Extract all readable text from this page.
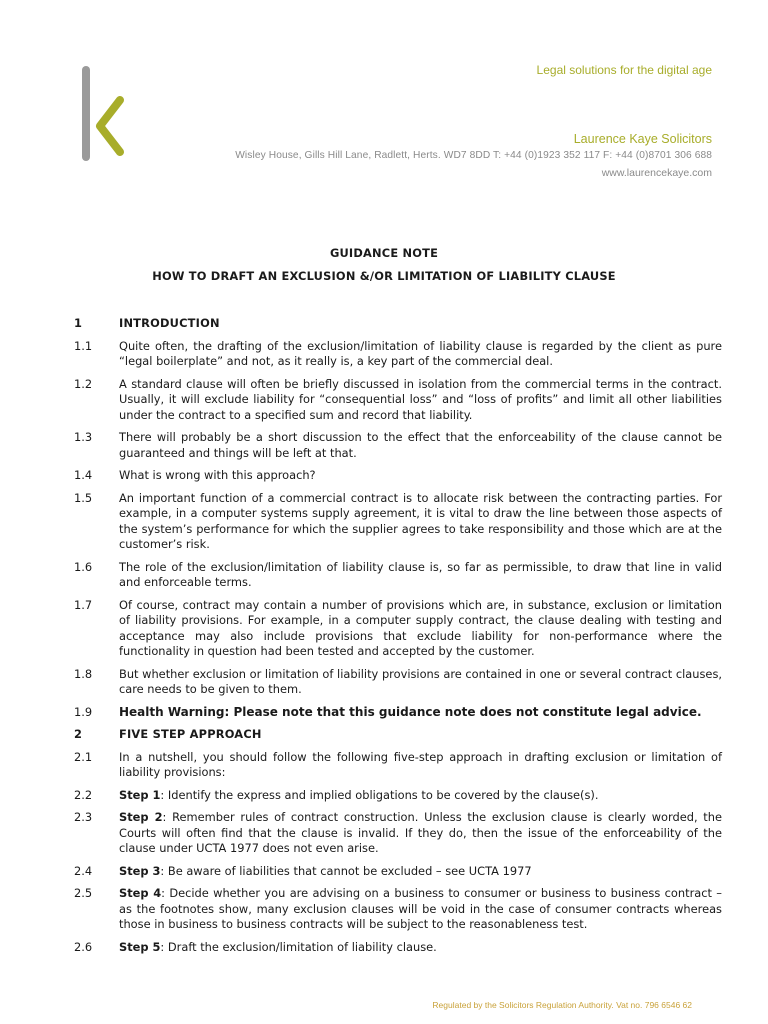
Legal solutions for the digital age
Laurence Kaye Solicitors
Wisley House, Gills Hill Lane, Radlett, Herts. WD7 8DD T: +44 (0)1923 352 117 F: +44 (0)8701 306 688
www.laurencekaye.com
GUIDANCE NOTE
HOW TO DRAFT AN EXCLUSION &/OR LIMITATION OF LIABILITY CLAUSE
1	INTRODUCTION
1.1	Quite often, the drafting of the exclusion/limitation of liability clause is regarded by the client as pure “legal boilerplate” and not, as it really is, a key part of the commercial deal.
1.2	A standard clause will often be briefly discussed in isolation from the commercial terms in the contract. Usually, it will exclude liability for “consequential loss” and “loss of profits” and limit all other liabilities under the contract to a specified sum and record that liability.
1.3	There will probably be a short discussion to the effect that the enforceability of the clause cannot be guaranteed and things will be left at that.
1.4	What is wrong with this approach?
1.5	An important function of a commercial contract is to allocate risk between the contracting parties. For example, in a computer systems supply agreement, it is vital to draw the line between those aspects of the system’s performance for which the supplier agrees to take responsibility and those which are at the customer’s risk.
1.6	The role of the exclusion/limitation of liability clause is, so far as permissible, to draw that line in valid and enforceable terms.
1.7	Of course, contract may contain a number of provisions which are, in substance, exclusion or limitation of liability provisions. For example, in a computer supply contract, the clause dealing with testing and acceptance may also include provisions that exclude liability for non-performance where the functionality in question had been tested and accepted by the customer.
1.8	But whether exclusion or limitation of liability provisions are contained in one or several contract clauses, care needs to be given to them.
1.9	Health Warning: Please note that this guidance note does not constitute legal advice.
2	FIVE STEP APPROACH
2.1	In a nutshell, you should follow the following five-step approach in drafting exclusion or limitation of liability provisions:
2.2	Step 1: Identify the express and implied obligations to be covered by the clause(s).
2.3	Step 2: Remember rules of contract construction. Unless the exclusion clause is clearly worded, the Courts will often find that the clause is invalid. If they do, then the issue of the enforceability of the clause under UCTA 1977 does not even arise.
2.4	Step 3: Be aware of liabilities that cannot be excluded – see UCTA 1977
2.5	Step 4: Decide whether you are advising on a business to consumer or business to business contract – as the footnotes show, many exclusion clauses will be void in the case of consumer contracts whereas those in business to business contracts will be subject to the reasonableness test.
2.6	Step 5: Draft the exclusion/limitation of liability clause.
Regulated by the Solicitors Regulation Authority. Vat no. 796 6546 62
